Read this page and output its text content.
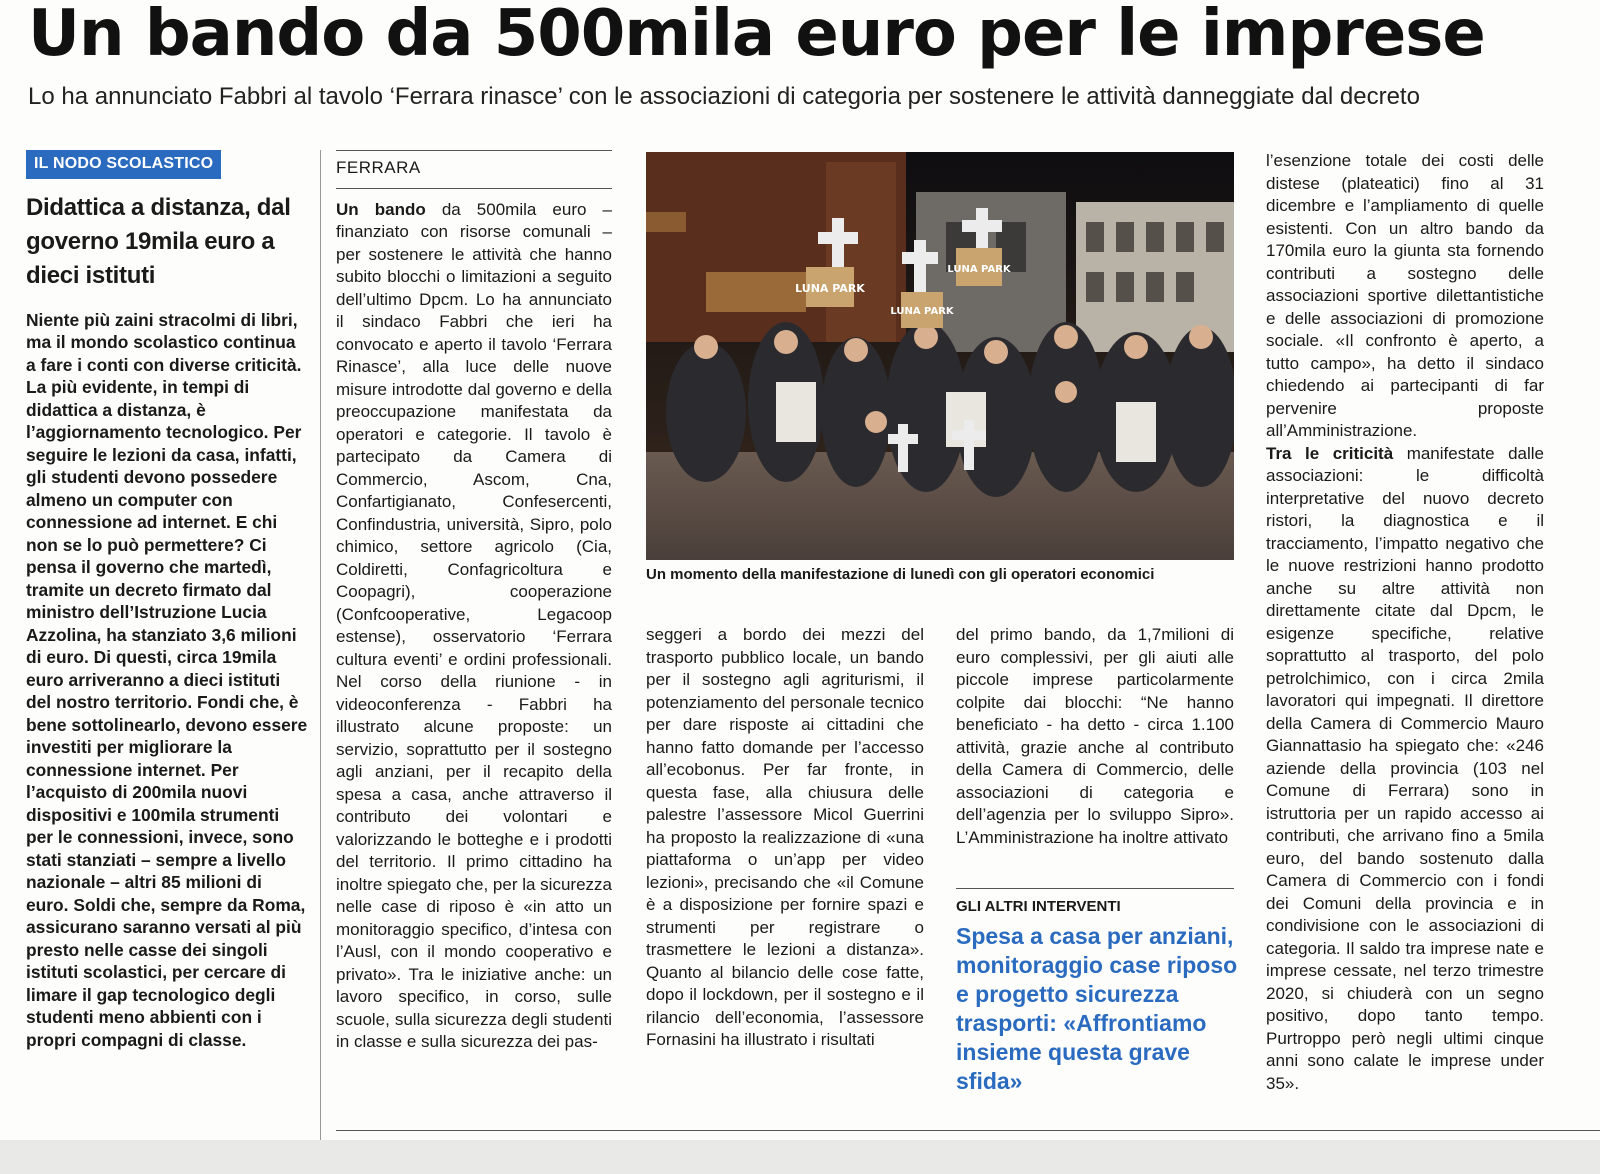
Un bando da 500mila euro per le imprese
Lo ha annunciato Fabbri al tavolo ‘Ferrara rinasce’ con le associazioni di categoria per sostenere le attività danneggiate dal decreto
IL NODO SCOLASTICO

Didattica a distanza, dal governo 19mila euro a dieci istituti

Niente più zaini stracolmi di libri, ma il mondo scolastico continua a fare i conti con diverse criticità. La più evidente, in tempi di didattica a distanza, è l’aggiornamento tecnologico. Per seguire le lezioni da casa, infatti, gli studenti devono possedere almeno un computer con connessione ad internet. E chi non se lo può permettere? Ci pensa il governo che martedì, tramite un decreto firmato dal ministro dell’Istruzione Lucia Azzolina, ha stanziato 3,6 milioni di euro. Di questi, circa 19mila euro arriveranno a dieci istituti del nostro territorio. Fondi che, è bene sottolinearlo, devono essere investiti per migliorare la connessione internet. Per l’acquisto di 200mila nuovi dispositivi e 100mila strumenti per le connessioni, invece, sono stati stanziati – sempre a livello nazionale – altri 85 milioni di euro. Soldi che, sempre da Roma, assicurano saranno versati al più presto nelle casse dei singoli istituti scolastici, per cercare di limare il gap tecnologico degli studenti meno abbienti con i propri compagni di classe.

FERRARA

Un bando da 500mila euro – finanziato con risorse comunali – per sostenere le attività che hanno subito blocchi o limitazioni a seguito dell’ultimo Dpcm. Lo ha annunciato il sindaco Fabbri che ieri ha convocato e aperto il tavolo ‘Ferrara Rinasce’, alla luce delle nuove misure introdotte dal governo e della preoccupazione manifestata da operatori e categorie. Il tavolo è partecipato da Camera di Commercio, Ascom, Cna, Confartigianato, Confesercenti, Confindustria, università, Sipro, polo chimico, settore agricolo (Cia, Coldiretti, Confagricoltura e Coopagri), cooperazione (Confcooperative, Legacoop estense), osservatorio ‘Ferrara cultura eventi’ e ordini professionali. Nel corso della riunione - in videoconferenza - Fabbri ha illustrato alcune proposte: un servizio, soprattutto per il sostegno agli anziani, per il recapito della spesa a casa, anche attraverso il contributo dei volontari e valorizzando le botteghe e i prodotti del territorio. Il primo cittadino ha inoltre spiegato che, per la sicurezza nelle case di riposo è «in atto un monitoraggio specifico, d’intesa con l’Ausl, con il mondo cooperativo e privato». Tra le iniziative anche: un lavoro specifico, in corso, sulle scuole, sulla sicurezza degli studenti in classe e sulla sicurezza dei pas-

LUNA PARK
LUNA PARK
LUNA PARK
Un momento della manifestazione di lunedì con gli operatori economici

seggeri a bordo dei mezzi del trasporto pubblico locale, un bando per il sostegno agli agriturismi, il potenziamento del personale tecnico per dare risposte ai cittadini che hanno fatto domande per l’accesso all’ecobonus. Per far fronte, in questa fase, alla chiusura delle palestre l’assessore Micol Guerrini ha proposto la realizzazione di «una piattaforma o un’app per video lezioni», precisando che «il Comune è a disposizione per fornire spazi e strumenti per registrare o trasmettere le lezioni a distanza». Quanto al bilancio delle cose fatte, dopo il lockdown, per il sostegno e il rilancio dell’economia, l’assessore Fornasini ha illustrato i risultati

del primo bando, da 1,7milioni di euro complessivi, per gli aiuti alle piccole imprese particolarmente colpite dai blocchi: “Ne hanno beneficiato - ha detto - circa 1.100 attività, grazie anche al contributo della Camera di Commercio, delle associazioni di categoria e dell’agenzia per lo sviluppo Sipro». L’Amministrazione ha inoltre attivato

GLI ALTRI INTERVENTI
Spesa a casa per anziani, monitoraggio case riposo e progetto sicurezza trasporti: «Affrontiamo insieme questa grave sfida»

l’esenzione totale dei costi delle distese (plateatici) fino al 31 dicembre e l’ampliamento di quelle esistenti. Con un altro bando da 170mila euro la giunta sta fornendo contributi a sostegno delle associazioni sportive dilettantistiche e delle associazioni di promozione sociale. «Il confronto è aperto, a tutto campo», ha detto il sindaco chiedendo ai partecipanti di far pervenire proposte all’Amministrazione.
Tra le criticità manifestate dalle associazioni: le difficoltà interpretative del nuovo decreto ristori, la diagnostica e il tracciamento, l’impatto negativo che le nuove restrizioni hanno prodotto anche su altre attività non direttamente citate dal Dpcm, le esigenze specifiche, relative soprattutto al trasporto, del polo petrolchimico, con i circa 2mila lavoratori qui impegnati. Il direttore della Camera di Commercio Mauro Giannattasio ha spiegato che: «246 aziende della provincia (103 nel Comune di Ferrara) sono in istruttoria per un rapido accesso ai contributi, che arrivano fino a 5mila euro, del bando sostenuto dalla Camera di Commercio con i fondi dei Comuni della provincia e in condivisione con le associazioni di categoria. Il saldo tra imprese nate e imprese cessate, nel terzo trimestre 2020, si chiuderà con un segno positivo, dopo tanto tempo. Purtroppo però negli ultimi cinque anni sono calate le imprese under 35».
